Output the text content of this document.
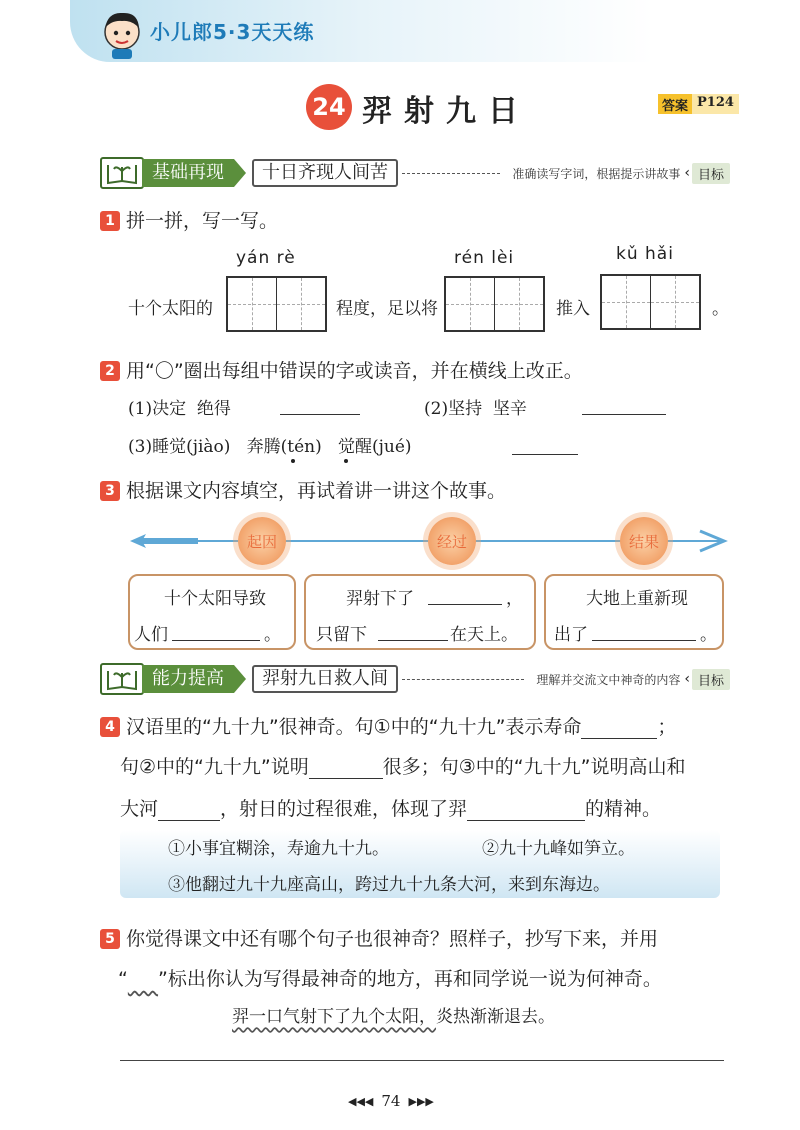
小儿郎5·3天天练
24 羿射九日	答案 P124
基础再现	十日齐现人间苦	准确读写字词，根据提示讲故事 ‹ 目标
1 拼一拼，写一写。
yán rè	rén lèi	kǔ hǎi
十个太阳的	程度，足以将	推入	。
2 用“〇”圈出每组中错误的字或读音，并在横线上改正。
(1)决定 绝得	(2)坚持 坚辛
(3)睡觉(jiào) 奔腾(tén) 觉醒(jué)
3 根据课文内容填空，再试着讲一讲这个故事。
起因	经过	结果
十个太阳导致
人们	。
羿射下了	，
只留下	在天上。
大地上重新现
出了	。
能力提高	羿射九日救人间	理解并交流文中神奇的内容 ‹ 目标
4 汉语里的“九十九”很神奇。句①中的“九十九”表示寿命	；
句②中的“九十九”说明	很多；句③中的“九十九”说明高山和
大河	，射日的过程很难，体现了羿	的精神。
①小事宜糊涂，寿逾九十九。	②九十九峰如笋立。
③他翻过九十九座高山，跨过九十九条大河，来到东海边。
5 你觉得课文中还有哪个句子也很神奇？照样子，抄写下来，并用
“ ”标出你认为写得最神奇的地方，再和同学说一说为何神奇。
羿一口气射下了九个太阳，炎热渐渐退去。
◀◀◀ 74 ▶▶▶
